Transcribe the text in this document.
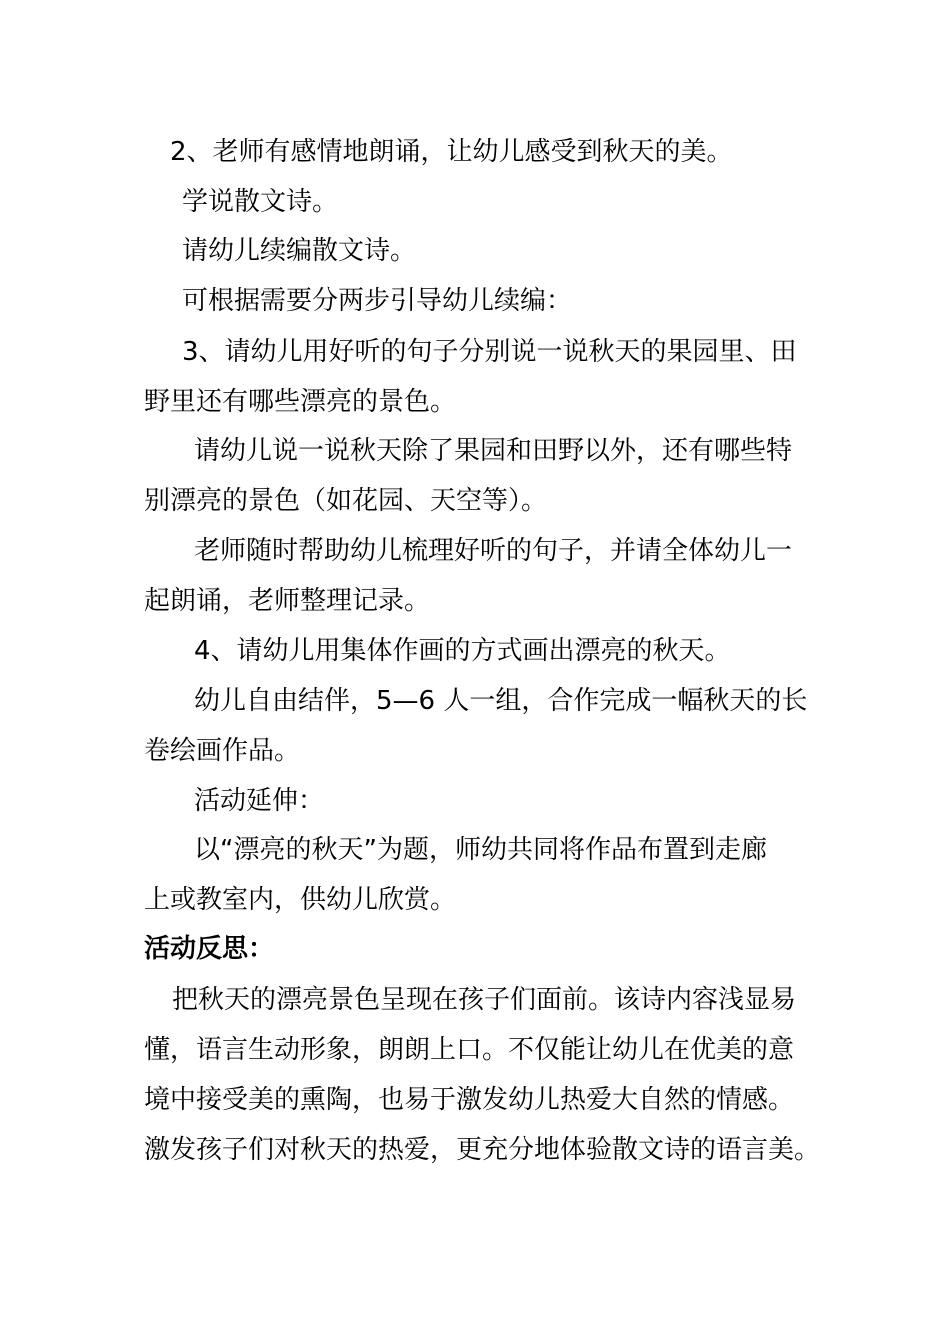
2、老师有感情地朗诵，让幼儿感受到秋天的美。
学说散文诗。
请幼儿续编散文诗。
可根据需要分两步引导幼儿续编：
3、请幼儿用好听的句子分别说一说秋天的果园里、田
野里还有哪些漂亮的景色。
请幼儿说一说秋天除了果园和田野以外，还有哪些特
别漂亮的景色（如花园、天空等）。
老师随时帮助幼儿梳理好听的句子，并请全体幼儿一
起朗诵，老师整理记录。
4、请幼儿用集体作画的方式画出漂亮的秋天。
幼儿自由结伴，5—6 人一组，合作完成一幅秋天的长
卷绘画作品。
活动延伸：
以“漂亮的秋天”为题，师幼共同将作品布置到走廊
上或教室内，供幼儿欣赏。
活动反思：
把秋天的漂亮景色呈现在孩子们面前。该诗内容浅显易
懂，语言生动形象，朗朗上口。不仅能让幼儿在优美的意
境中接受美的熏陶，也易于激发幼儿热爱大自然的情感。
激发孩子们对秋天的热爱，更充分地体验散文诗的语言美。
